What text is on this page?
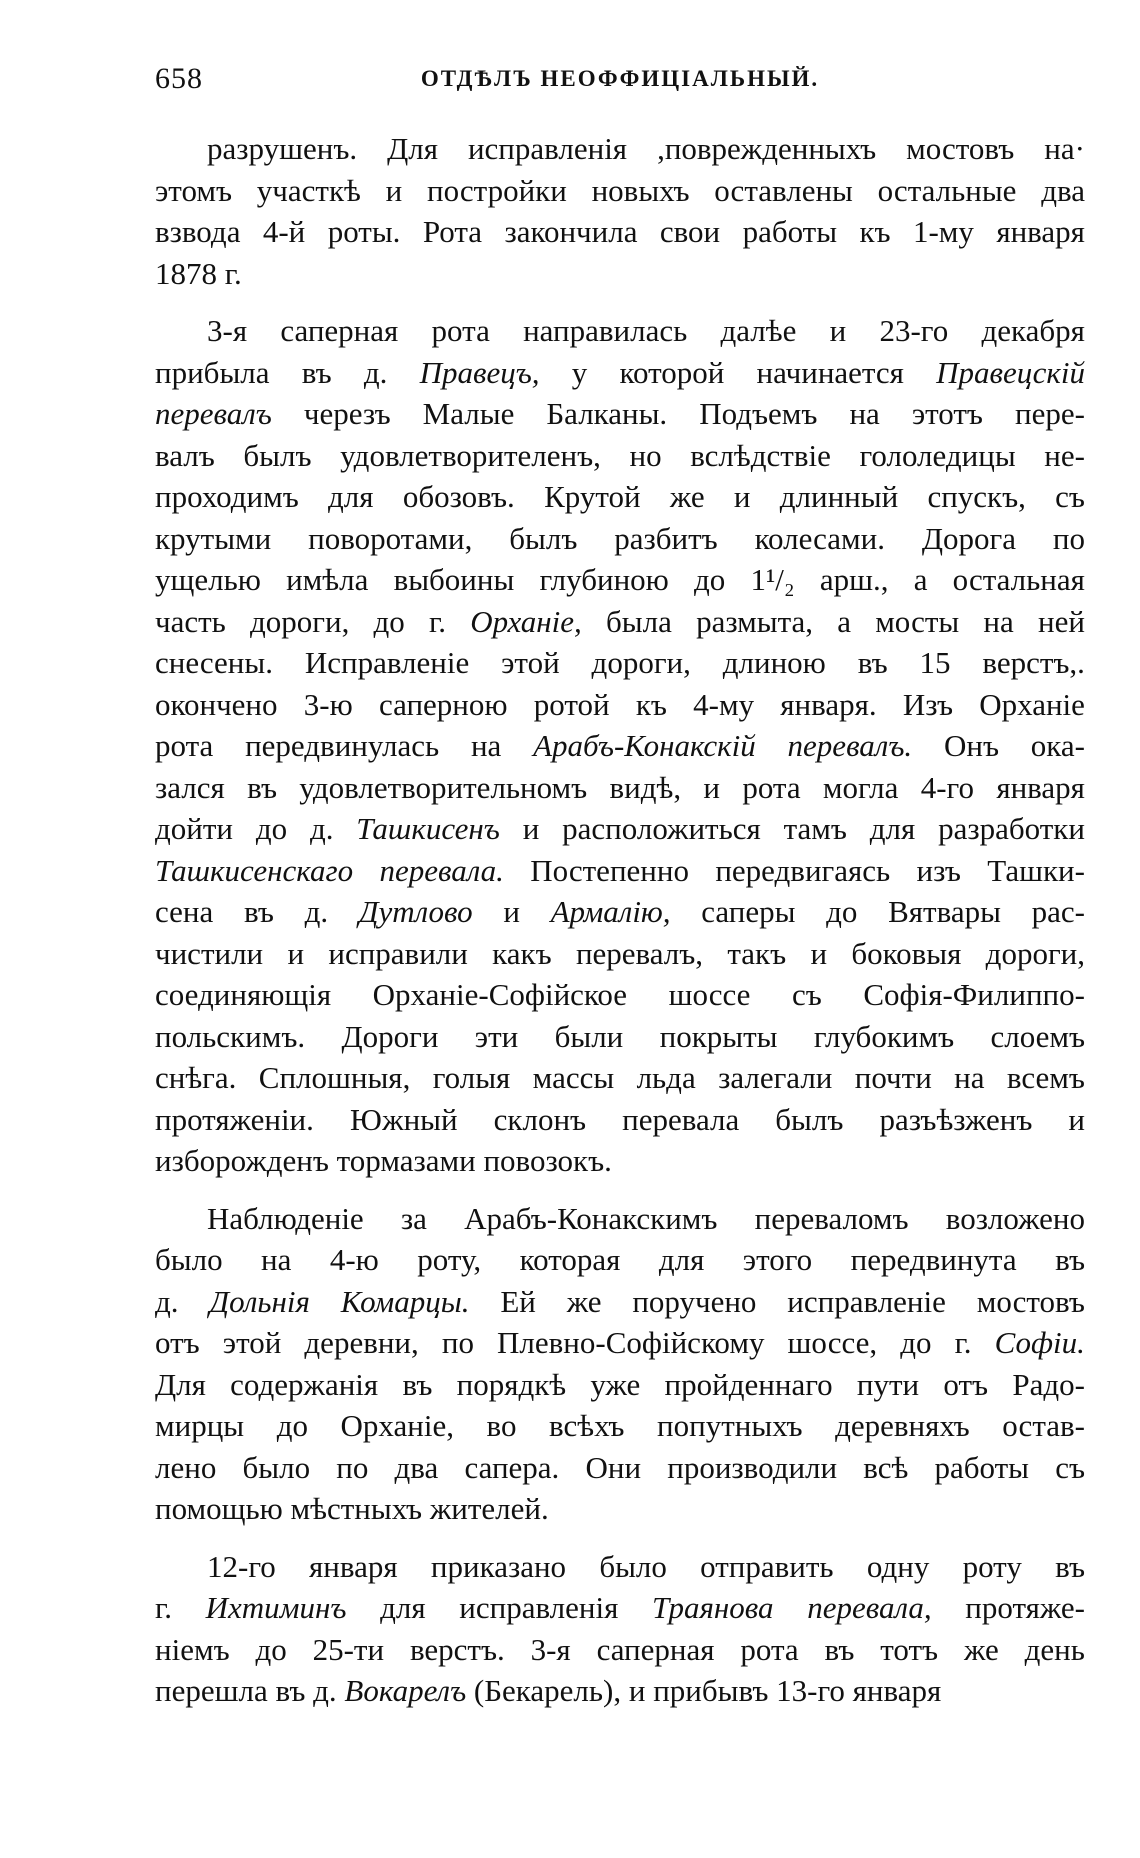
658	ОТДѢЛЪ НЕОФФИЦІАЛЬНЫЙ.
разрушенъ. Для исправленія ,поврежденныхъ мостовъ на·
этомъ участкѣ и постройки новыхъ оставлены остальные два
взвода 4-й роты. Рота закончила свои работы къ 1-му января
1878 г.
3-я саперная рота направилась далѣе и 23-го декабря
прибыла въ д. Правецъ, у которой начинается Правецскій
перевалъ черезъ Малые Балканы. Подъемъ на этотъ пере-
валъ былъ удовлетворителенъ, но вслѣдствіе гололедицы не-
проходимъ для обозовъ. Крутой же и длинный спускъ, съ
крутыми поворотами, былъ разбитъ колесами. Дорога по
ущелью имѣла выбоины глубиною до 1¹/₂ арш., а остальная
часть дороги, до г. Орханіе, была размыта, а мосты на ней
снесены. Исправленіе этой дороги, длиною въ 15 верстъ,.
окончено 3-ю саперною ротой къ 4-му января. Изъ Орханіе
рота передвинулась на Арабъ-Конакскій перевалъ. Онъ ока-
зался въ удовлетворительномъ видѣ, и рота могла 4-го января
дойти до д. Ташкисенъ и расположиться тамъ для разработки
Ташкисенскаго перевала. Постепенно передвигаясь изъ Ташки-
сена въ д. Дутлово и Армалію, саперы до Вятвары рас-
чистили и исправили какъ перевалъ, такъ и боковыя дороги,
соединяющія Орханіе-Софійское шоссе съ Софія-Филиппо-
польскимъ. Дороги эти были покрыты глубокимъ слоемъ
снѣга. Сплошныя, голыя массы льда залегали почти на всемъ
протяженіи. Южный склонъ перевала былъ разъѣзженъ и
изборожденъ тормазами повозокъ.
Наблюденіе за Арабъ-Конакскимъ переваломъ возложено
было на 4-ю роту, которая для этого передвинута въ
д. Дольнія Комарцы. Ей же поручено исправленіе мостовъ
отъ этой деревни, по Плевно-Софійскому шоссе, до г. Софіи.
Для содержанія въ порядкѣ уже пройденнаго пути отъ Радо-
мирцы до Орханіе, во всѣхъ попутныхъ деревняхъ остав-
лено было по два сапера. Они производили всѣ работы съ
помощью мѣстныхъ жителей.
12-го января приказано было отправить одну роту въ
г. Ихтиминъ для исправленія Траянова перевала, протяже-
ніемъ до 25-ти верстъ. 3-я саперная рота въ тотъ же день
перешла въ д. Вокарелъ (Бекарель), и прибывъ 13-го января
